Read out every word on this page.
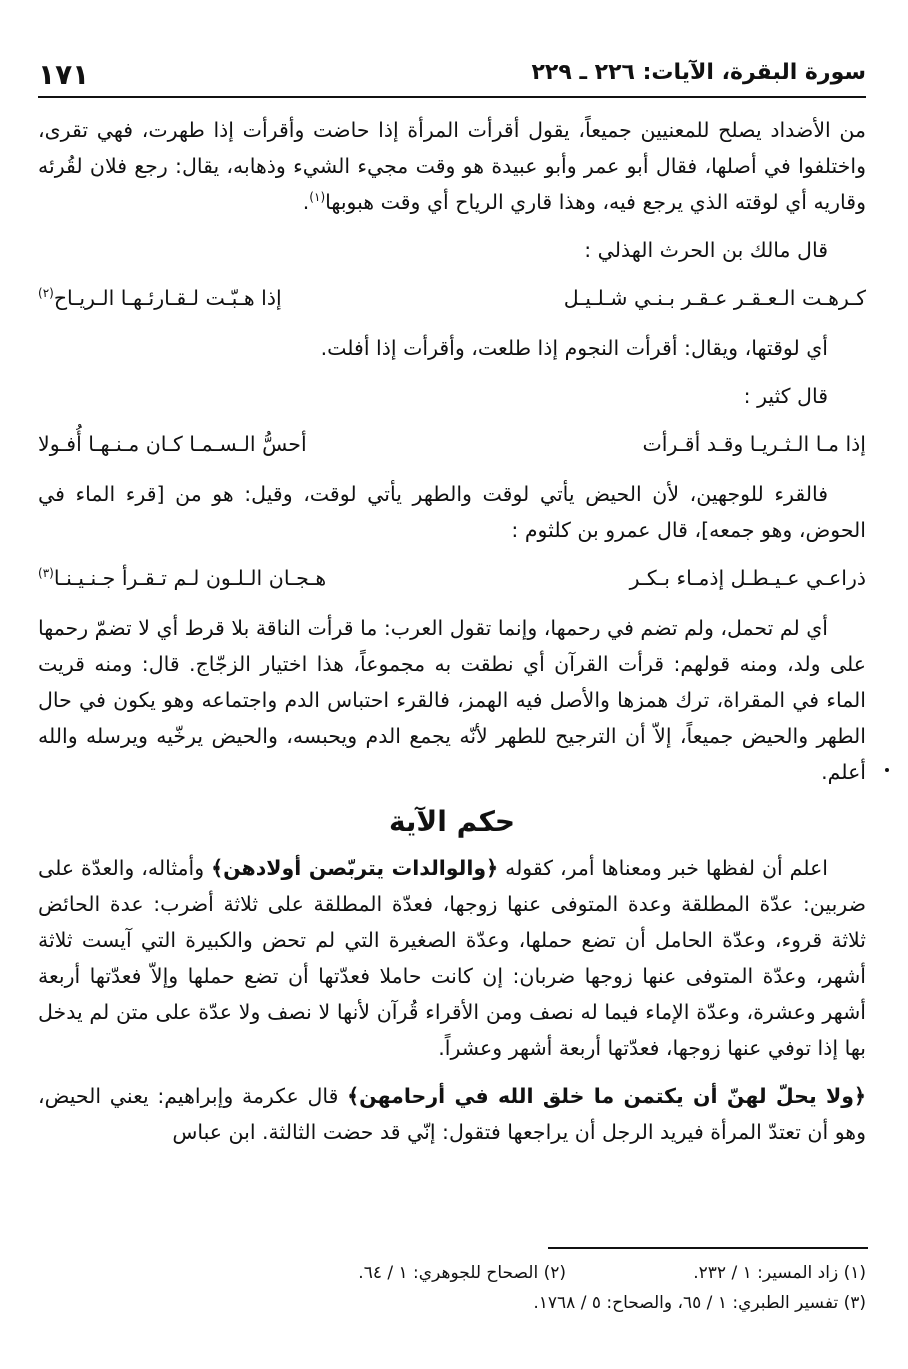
١٧١	سورة البقرة، الآيات: ٢٢٦ ـ ٢٢٩

من الأضداد يصلح للمعنيين جميعاً، يقول أقرأت المرأة إذا حاضت وأقرأت إذا طهرت، فهي تقرى، واختلفوا في أصلها، فقال أبو عمر وأبو عبيدة هو وقت مجيء الشيء وذهابه، يقال: رجع فلان لقُرئه وقاريه أي لوقته الذي يرجع فيه، وهذا قاري الرياح أي وقت هبوبها$^{(١)}$.

قال مالك بن الحرث الهذلي :

كـرهـت الـعـقـر عـقـر بـنـي شـلـيـل
إذا هـبّـت لـقـارئـهـا الـريـاح$^{(٢)}$

أي لوقتها، ويقال: أقرأت النجوم إذا طلعت، وأقرأت إذا أفلت.

قال كثير :

إذا مـا الـثـريـا وقـد أقـرأت
أحسُّ الـسـمـا كـان مـنـهـا أُفـولا

فالقرء للوجهين، لأن الحيض يأتي لوقت والطهر يأتي لوقت، وقيل: هو من [قرء الماء في الحوض، وهو جمعه]، قال عمرو بن كلثوم :

ذراعـي عـيـطـل إذمـاء بـكـر
هـجـان الـلـون لـم تـقـرأ جـنـيـنـا$^{(٣)}$

أي لم تحمل، ولم تضم في رحمها، وإنما تقول العرب: ما قرأت الناقة بلا قرط أي لا تضمّ رحمها على ولد، ومنه قولهم: قرأت القرآن أي نطقت به مجموعاً، هذا اختيار الزجّاج. قال: ومنه قريت الماء في المقراة، ترك همزها والأصل فيه الهمز، فالقرء احتباس الدم واجتماعه وهو يكون في حال الطهر والحيض جميعاً، إلاّ أن الترجيح للطهر لأنّه يجمع الدم ويحبسه، والحيض يرخّيه ويرسله والله أعلم.

حكم الآية

اعلم أن لفظها خبر ومعناها أمر، كقوله ﴿والوالدات يتربّصن أولادهن﴾ وأمثاله، والعدّة على ضربين: عدّة المطلقة وعدة المتوفى عنها زوجها، فعدّة المطلقة على ثلاثة أضرب: عدة الحائض ثلاثة قروء، وعدّة الحامل أن تضع حملها، وعدّة الصغيرة التي لم تحض والكبيرة التي آيست ثلاثة أشهر، وعدّة المتوفى عنها زوجها ضربان: إن كانت حاملا فعدّتها أن تضع حملها وإلاّ فعدّتها أربعة أشهر وعشرة، وعدّة الإماء فيما له نصف ومن الأقراء قُرآن لأنها لا نصف ولا عدّة على متن لم يدخل بها إذا توفي عنها زوجها، فعدّتها أربعة أشهر وعشراً.

﴿ولا يحلّ لهنّ أن يكتمن ما خلق الله في أرحامهن﴾ قال عكرمة وإبراهيم: يعني الحيض، وهو أن تعتدّ المرأة فيريد الرجل أن يراجعها فتقول: إنّي قد حضت الثالثة. ابن عباس

(١) زاد المسير: ١ / ٢٣٢.
(٢) الصحاح للجوهري: ١ / ٦٤.
(٣) تفسير الطبري: ١ / ٦٥، والصحاح: ٥ / ١٧٦٨.
